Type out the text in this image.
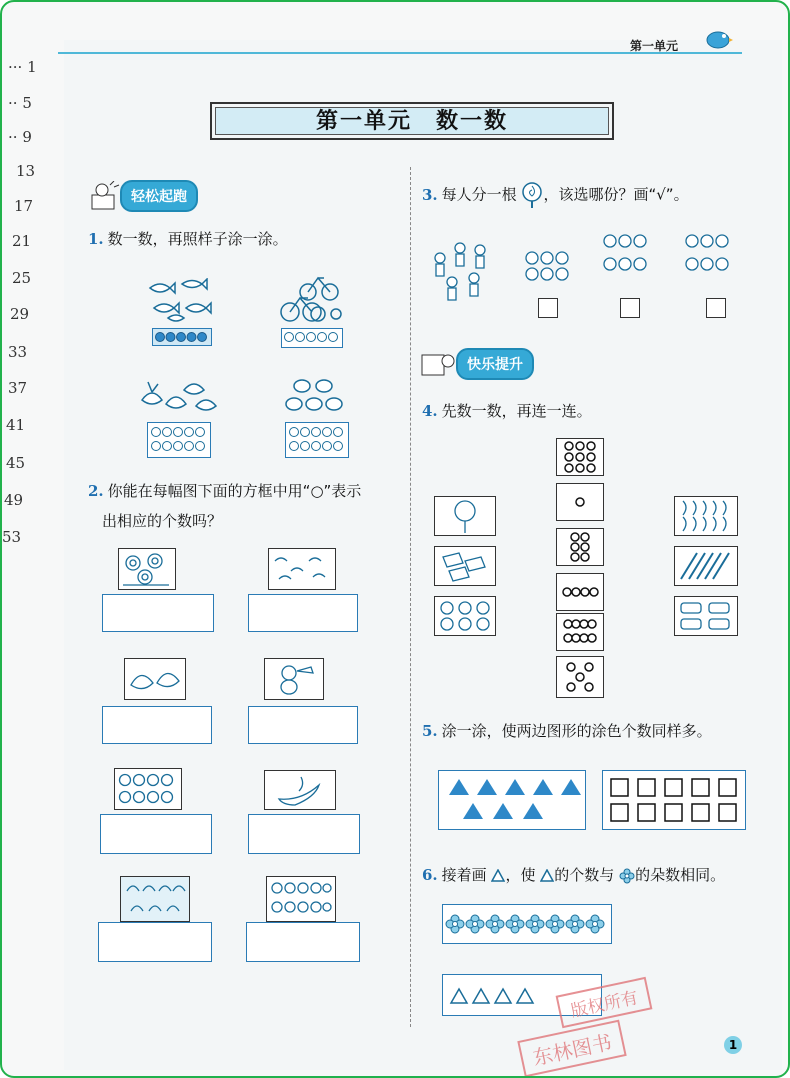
··· 1
·· 5
·· 9
13
17
21
25
29
33
37
41
45
49
53
第一单元
第一单元　数一数
轻松起跑
1. 数一数，再照样子涂一涂。
2. 你能在每幅图下面的方框中用“○”表示
出相应的个数吗？
3. 每人分一根 ，该选哪份？画“√”。
快乐提升
4. 先数一数，再连一连。
5. 涂一涂，使两边图形的涂色个数同样多。
6. 接着画 ，使 的个数与 的朵数相同。
版权所有
东林图书	1
